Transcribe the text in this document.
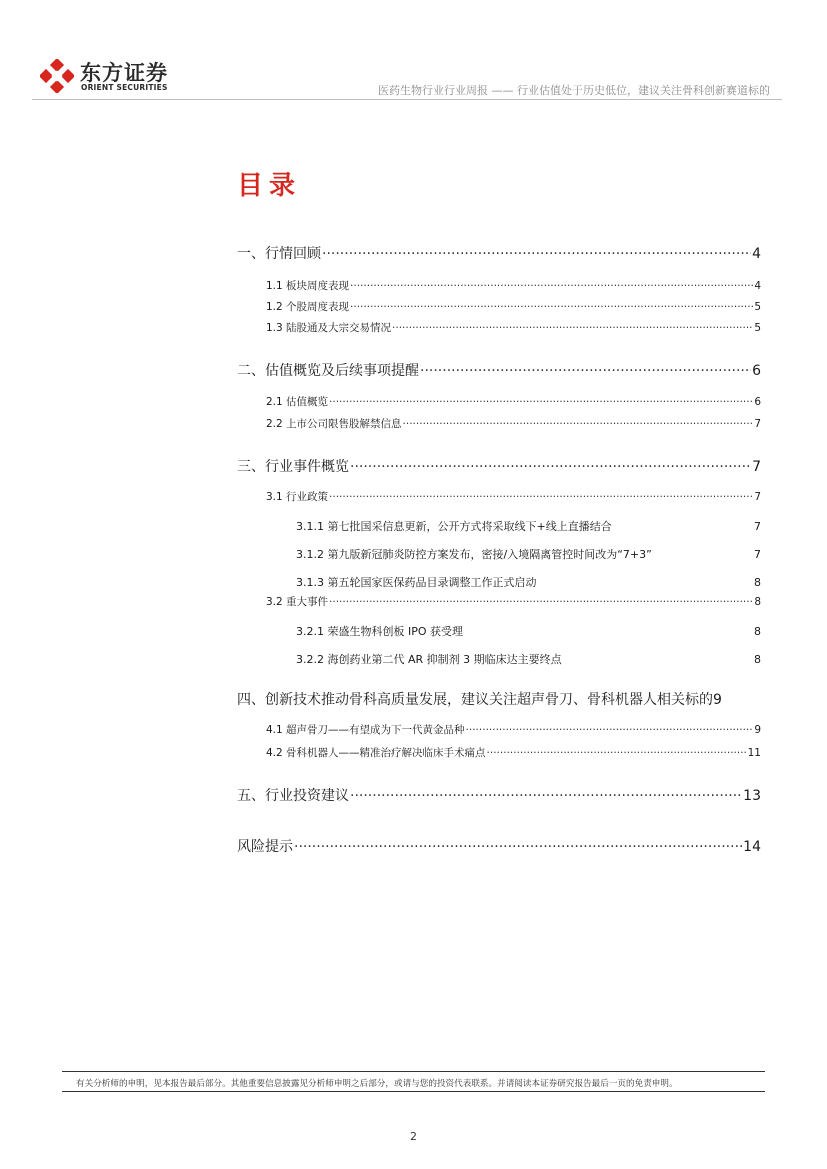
东方证券
ORIENT SECURITIES	医药生物行业行业周报 —— 行业估值处于历史低位，建议关注骨科创新赛道标的
目录
一、行情回顾 ·····	4
1.1 板块周度表现 ·····	4
1.2 个股周度表现 ·····	5
1.3 陆股通及大宗交易情况 ·····	5
二、估值概览及后续事项提醒 ·····	6
2.1 估值概览 ·····	6
2.2 上市公司限售股解禁信息 ·····	7
三、行业事件概览 ·····	7
3.1 行业政策 ·····	7
3.1.1 第七批国采信息更新，公开方式将采取线下+线上直播结合	7
3.1.2 第九版新冠肺炎防控方案发布，密接/入境隔离管控时间改为“7+3”	7
3.1.3 第五轮国家医保药品目录调整工作正式启动	8
3.2 重大事件 ·····	8
3.2.1 荣盛生物科创板 IPO 获受理	8
3.2.2 海创药业第二代 AR 抑制剂 3 期临床达主要终点	8
四、创新技术推动骨科高质量发展，建议关注超声骨刀、骨科机器人相关标的 9
4.1 超声骨刀——有望成为下一代黄金品种 ·····	9
4.2 骨科机器人——精准治疗解决临床手术痛点 ·····	11
五、行业投资建议 ·····	13
风险提示 ·····	14
有关分析师的申明，见本报告最后部分。其他重要信息披露见分析师申明之后部分，或请与您的投资代表联系。并请阅读本证券研究报告最后一页的免责申明。
2
